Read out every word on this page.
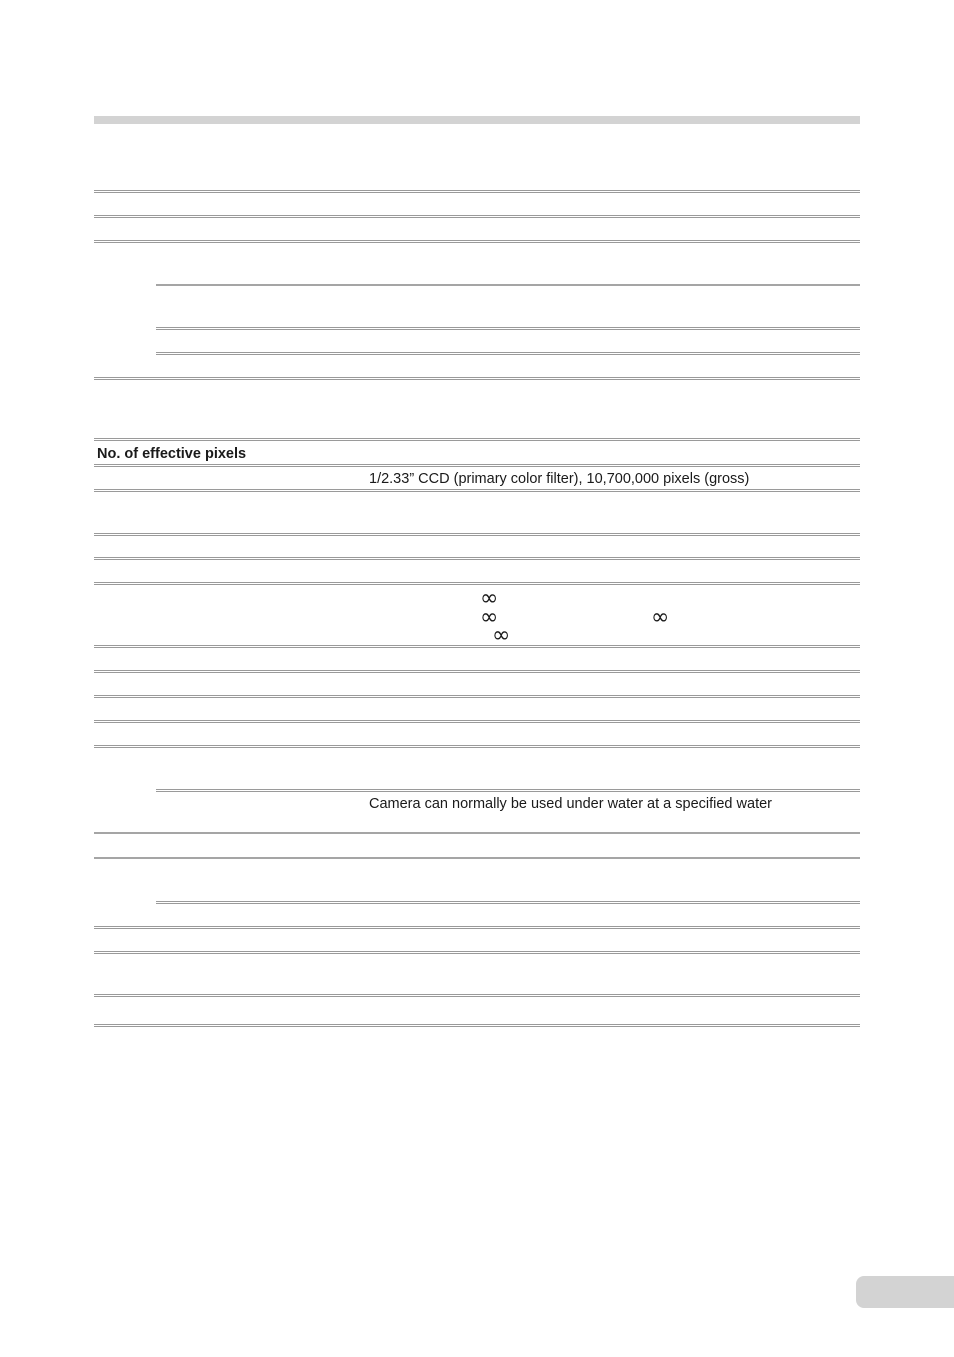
No. of effective pixels
1/2.33” CCD (primary color filter), 10,700,000 pixels (gross)
∞
∞	∞
∞
Camera can normally be used under water at a specified water
